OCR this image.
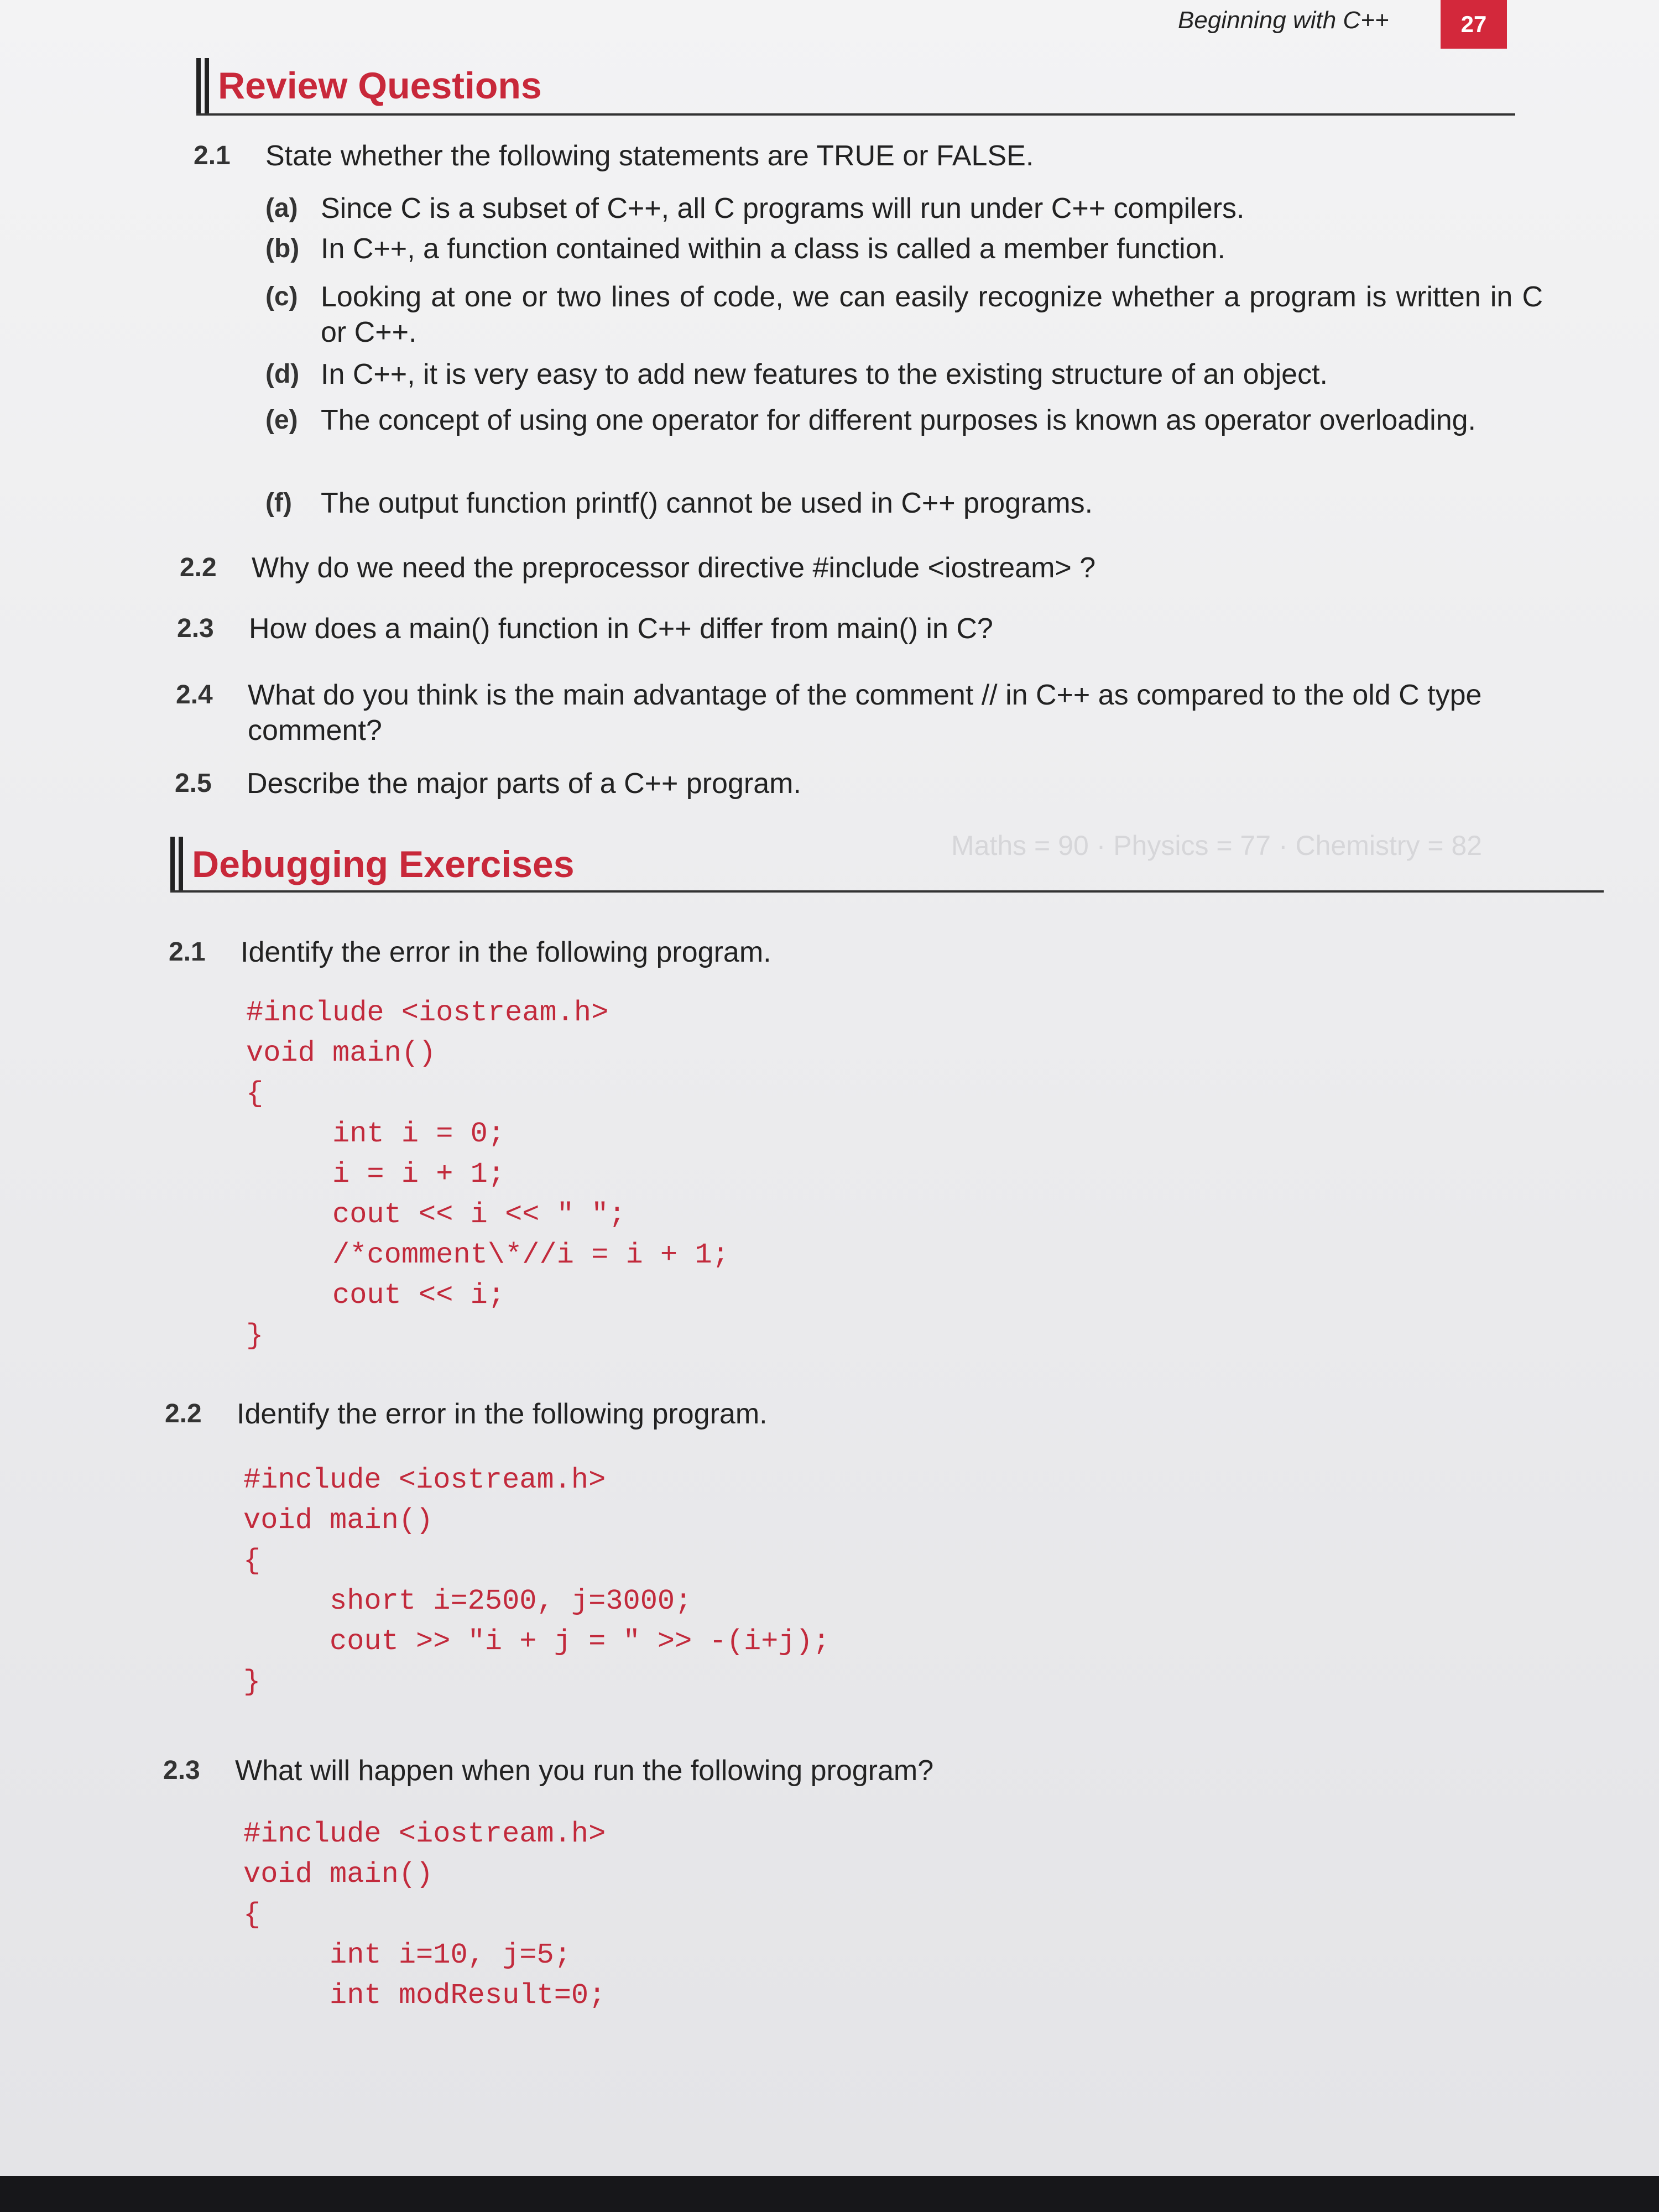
Maths = 90 · Physics = 77 · Chemistry = 82
Beginning with C++	27
Review Questions
2.1 State whether the following statements are TRUE or FALSE.
(a) Since C is a subset of C++, all C programs will run under C++ compilers.
(b) In C++, a function contained within a class is called a member function.
(c) Looking at one or two lines of code, we can easily recognize whether a program is written in C or C++.
(d) In C++, it is very easy to add new features to the existing structure of an object.
(e) The concept of using one operator for different purposes is known as operator overloading.
(f) The output function printf() cannot be used in C++ programs.
2.2 Why do we need the preprocessor directive #include <iostream> ?
2.3 How does a main() function in C++ differ from main() in C?
2.4 What do you think is the main advantage of the comment // in C++ as compared to the old C type comment?
2.5 Describe the major parts of a C++ program.
Debugging Exercises
2.1 Identify the error in the following program.
#include <iostream.h>
void main()
{
int i = 0;
i = i + 1;
cout << i << " ";
/*comment\*//i = i + 1;
cout << i;
}
2.2 Identify the error in the following program.
#include <iostream.h>
void main()
{
short i=2500, j=3000;
cout >> "i + j = " >> -(i+j);
}
2.3 What will happen when you run the following program?
#include <iostream.h>
void main()
{
int i=10, j=5;
int modResult=0;
